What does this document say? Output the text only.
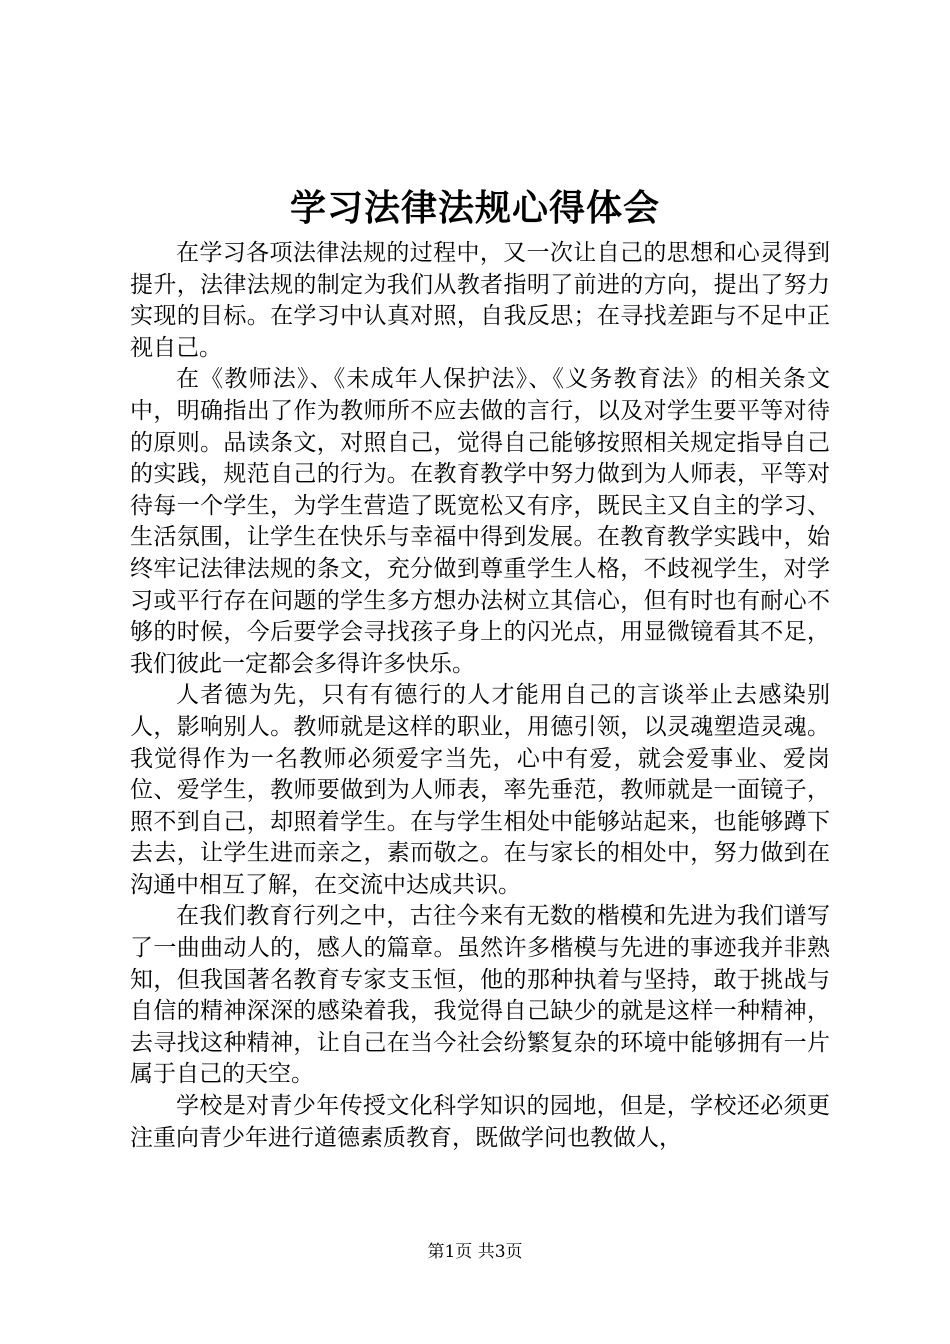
学习法律法规心得体会

在学习各项法律法规的过程中，又一次让自己的思想和心灵得到提升，法律法规的制定为我们从教者指明了前进的方向，提出了努力实现的目标。在学习中认真对照，自我反思；在寻找差距与不足中正视自己。

在《教师法》、《未成年人保护法》、《义务教育法》的相关条文中，明确指出了作为教师所不应去做的言行，以及对学生要平等对待的原则。品读条文，对照自己，觉得自己能够按照相关规定指导自己的实践，规范自己的行为。在教育教学中努力做到为人师表，平等对待每一个学生，为学生营造了既宽松又有序，既民主又自主的学习、生活氛围，让学生在快乐与幸福中得到发展。在教育教学实践中，始终牢记法律法规的条文，充分做到尊重学生人格，不歧视学生，对学习或平行存在问题的学生多方想办法树立其信心，但有时也有耐心不够的时候，今后要学会寻找孩子身上的闪光点，用显微镜看其不足，我们彼此一定都会多得许多快乐。

人者德为先，只有有德行的人才能用自己的言谈举止去感染别人，影响别人。教师就是这样的职业，用德引领，以灵魂塑造灵魂。我觉得作为一名教师必须爱字当先，心中有爱，就会爱事业、爱岗位、爱学生，教师要做到为人师表，率先垂范，教师就是一面镜子，照不到自己，却照着学生。在与学生相处中能够站起来，也能够蹲下去去，让学生进而亲之，素而敬之。在与家长的相处中，努力做到在沟通中相互了解，在交流中达成共识。

在我们教育行列之中，古往今来有无数的楷模和先进为我们谱写了一曲曲动人的，感人的篇章。虽然许多楷模与先进的事迹我并非熟知，但我国著名教育专家支玉恒，他的那种执着与坚持，敢于挑战与自信的精神深深的感染着我，我觉得自己缺少的就是这样一种精神，去寻找这种精神，让自己在当今社会纷繁复杂的环境中能够拥有一片属于自己的天空。

学校是对青少年传授文化科学知识的园地，但是，学校还必须更注重向青少年进行道德素质教育，既做学问也教做人，

第1页 共3页
